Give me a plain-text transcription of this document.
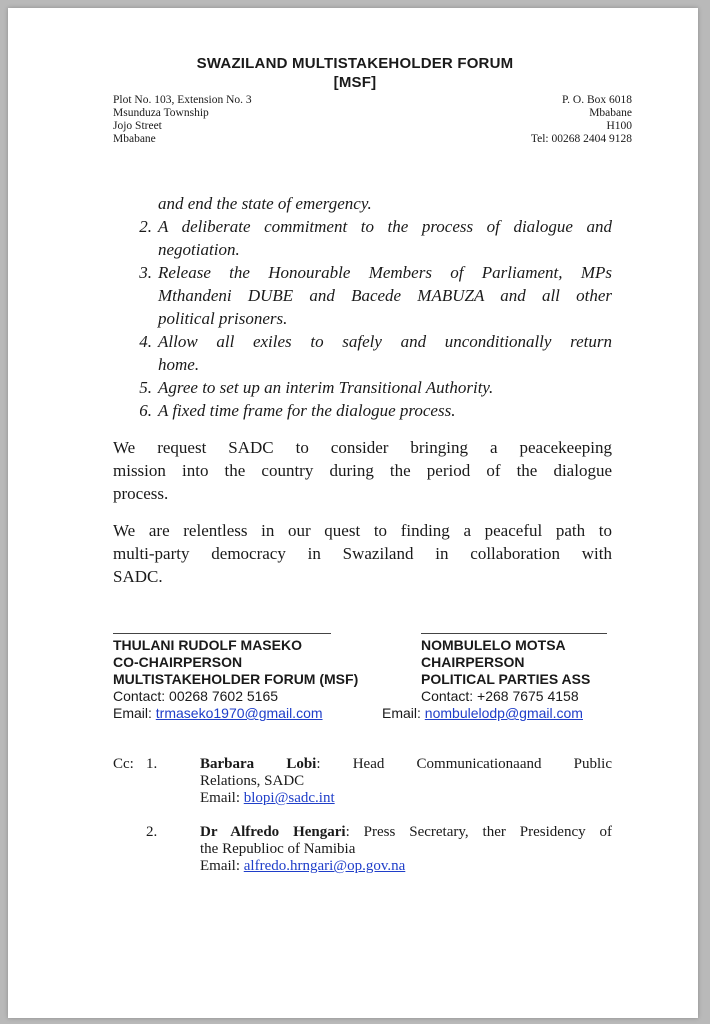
SWAZILAND MULTISTAKEHOLDER FORUM
[MSF]
Plot No. 103, Extension No. 3
Msunduza Township
Jojo Street
Mbabane
P. O. Box 6018
Mbabane
H100
Tel: 00268 2404 9128
and end the state of emergency.
2. A deliberate commitment to the process of dialogue and
negotiation.
3. Release the Honourable Members of Parliament, MPs
Mthandeni DUBE and Bacede MABUZA and all other
political prisoners.
4. Allow all exiles to safely and unconditionally return
home.
5. Agree to set up an interim Transitional Authority.
6. A fixed time frame for the dialogue process.
We request SADC to consider bringing a peacekeeping
mission into the country during the period of the dialogue
process.
We are relentless in our quest to finding a peaceful path to
multi-party democracy in Swaziland in collaboration with
SADC.
THULANI RUDOLF MASEKO
CO-CHAIRPERSON
MULTISTAKEHOLDER FORUM (MSF)
Contact: 00268 7602 5165
Email: trmaseko1970@gmail.com
NOMBULELO MOTSA
CHAIRPERSON
POLITICAL PARTIES ASS
Contact: +268 7675 4158
Email: nombulelodp@gmail.com
Cc: 1.	Barbara Lobi: Head Communicationaand Public
Relations, SADC
Email: blopi@sadc.int
2.	Dr Alfredo Hengari: Press Secretary, ther Presidency of
the Republioc of Namibia
Email: alfredo.hrngari@op.gov.na
